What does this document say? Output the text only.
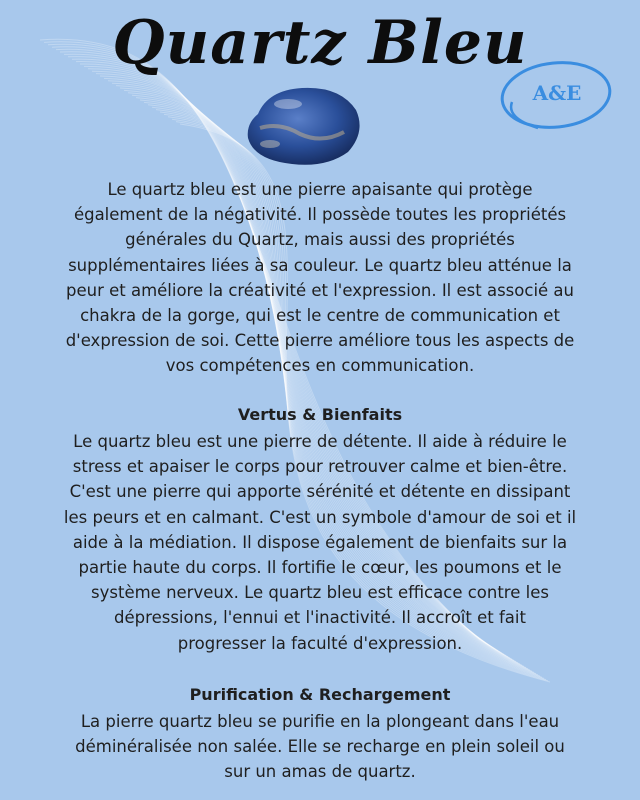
Quartz Bleu
A&E
Le quartz bleu est une pierre apaisante qui protège
également de la négativité. Il possède toutes les propriétés
générales du Quartz, mais aussi des propriétés
supplémentaires liées à sa couleur. Le quartz bleu atténue la
peur et améliore la créativité et l'expression. Il est associé au
chakra de la gorge, qui est le centre de communication et
d'expression de soi. Cette pierre améliore tous les aspects de
vos compétences en communication.
Vertus & Bienfaits
Le quartz bleu est une pierre de détente. Il aide à réduire le
stress et apaiser le corps pour retrouver calme et bien-être.
C'est une pierre qui apporte sérénité et détente en dissipant
les peurs et en calmant. C'est un symbole d'amour de soi et il
aide à la médiation. Il dispose également de bienfaits sur la
partie haute du corps. Il fortifie le cœur, les poumons et le
système nerveux. Le quartz bleu est efficace contre les
dépressions, l'ennui et l'inactivité. Il accroît et fait
progresser la faculté d'expression.
Purification & Rechargement
La pierre quartz bleu se purifie en la plongeant dans l'eau
déminéralisée non salée. Elle se recharge en plein soleil ou
sur un amas de quartz.
